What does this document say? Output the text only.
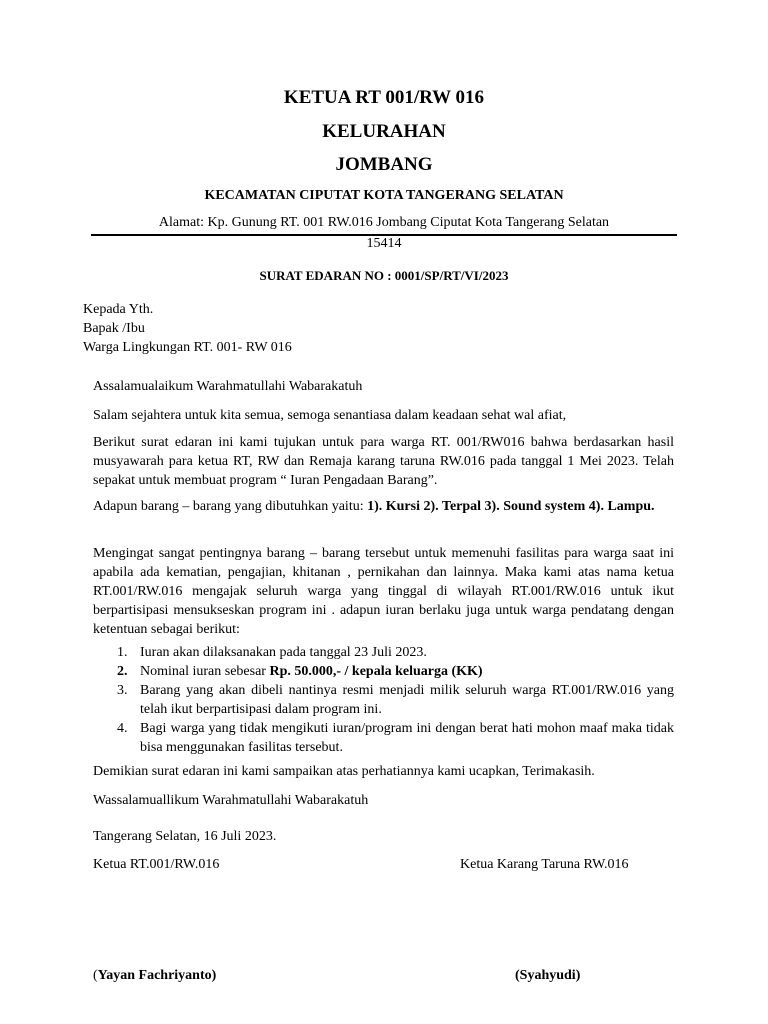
KETUA RT 001/RW 016
KELURAHAN
JOMBANG
KECAMATAN CIPUTAT KOTA TANGERANG SELATAN
Alamat: Kp. Gunung RT. 001 RW.016 Jombang Ciputat Kota Tangerang Selatan
15414
SURAT EDARAN NO : 0001/SP/RT/VI/2023
Kepada Yth.
Bapak /Ibu
Warga Lingkungan RT. 001- RW 016
Assalamualaikum Warahmatullahi Wabarakatuh
Salam sejahtera untuk kita semua, semoga senantiasa dalam keadaan sehat wal afiat,
Berikut surat edaran ini kami tujukan untuk para warga RT. 001/RW016 bahwa berdasarkan hasil musyawarah para ketua RT, RW dan Remaja karang taruna RW.016 pada tanggal 1 Mei 2023. Telah sepakat untuk membuat program “ Iuran Pengadaan Barang”.
Adapun barang – barang yang dibutuhkan yaitu: 1). Kursi 2). Terpal 3). Sound system 4). Lampu.
Mengingat sangat pentingnya barang – barang tersebut untuk memenuhi fasilitas para warga saat ini apabila ada kematian, pengajian, khitanan , pernikahan dan lainnya. Maka kami atas nama ketua RT.001/RW.016 mengajak seluruh warga yang tinggal di wilayah RT.001/RW.016 untuk ikut berpartisipasi mensukseskan program ini . adapun iuran berlaku juga untuk warga pendatang dengan ketentuan sebagai berikut:
1. Iuran akan dilaksanakan pada tanggal 23 Juli 2023.
2. Nominal iuran sebesar Rp. 50.000,- / kepala keluarga (KK)
3. Barang yang akan dibeli nantinya resmi menjadi milik seluruh warga RT.001/RW.016 yang telah ikut berpartisipasi dalam program ini.
4. Bagi warga yang tidak mengikuti iuran/program ini dengan berat hati mohon maaf maka tidak bisa menggunakan fasilitas tersebut.
Demikian surat edaran ini kami sampaikan atas perhatiannya kami ucapkan, Terimakasih.
Wassalamuallikum Warahmatullahi Wabarakatuh
Tangerang Selatan, 16 Juli 2023.
Ketua RT.001/RW.016	Ketua Karang Taruna RW.016
(Yayan Fachriyanto)	(Syahyudi)
